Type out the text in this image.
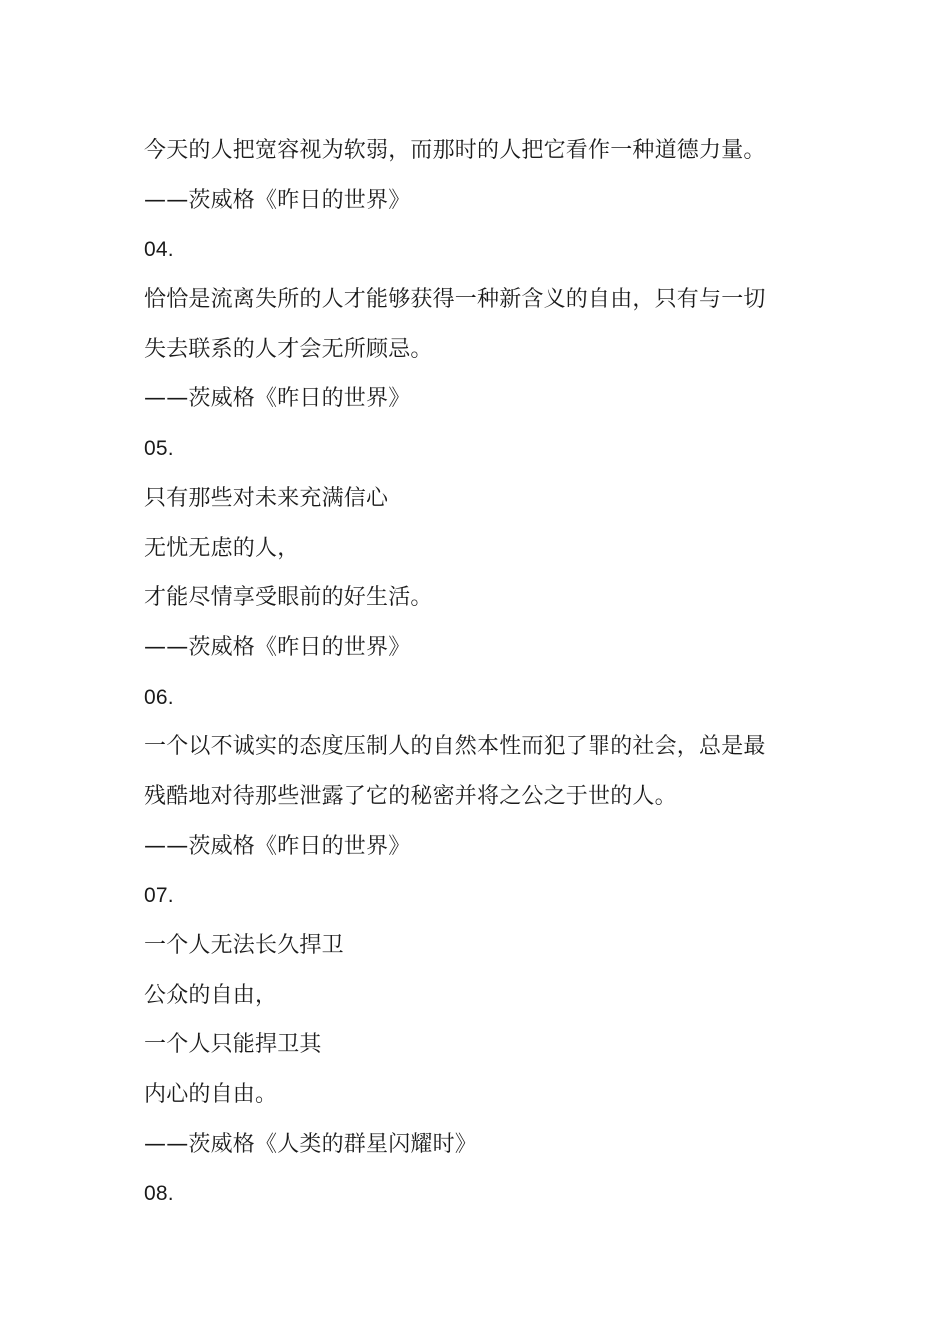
今天的人把宽容视为软弱，而那时的人把它看作一种道德力量。
——茨威格《昨日的世界》
04.
恰恰是流离失所的人才能够获得一种新含义的自由，只有与一切
失去联系的人才会无所顾忌。
——茨威格《昨日的世界》
05.
只有那些对未来充满信心
无忧无虑的人，
才能尽情享受眼前的好生活。
——茨威格《昨日的世界》
06.
一个以不诚实的态度压制人的自然本性而犯了罪的社会，总是最
残酷地对待那些泄露了它的秘密并将之公之于世的人。
——茨威格《昨日的世界》
07.
一个人无法长久捍卫
公众的自由，
一个人只能捍卫其
内心的自由。
——茨威格《人类的群星闪耀时》
08.
